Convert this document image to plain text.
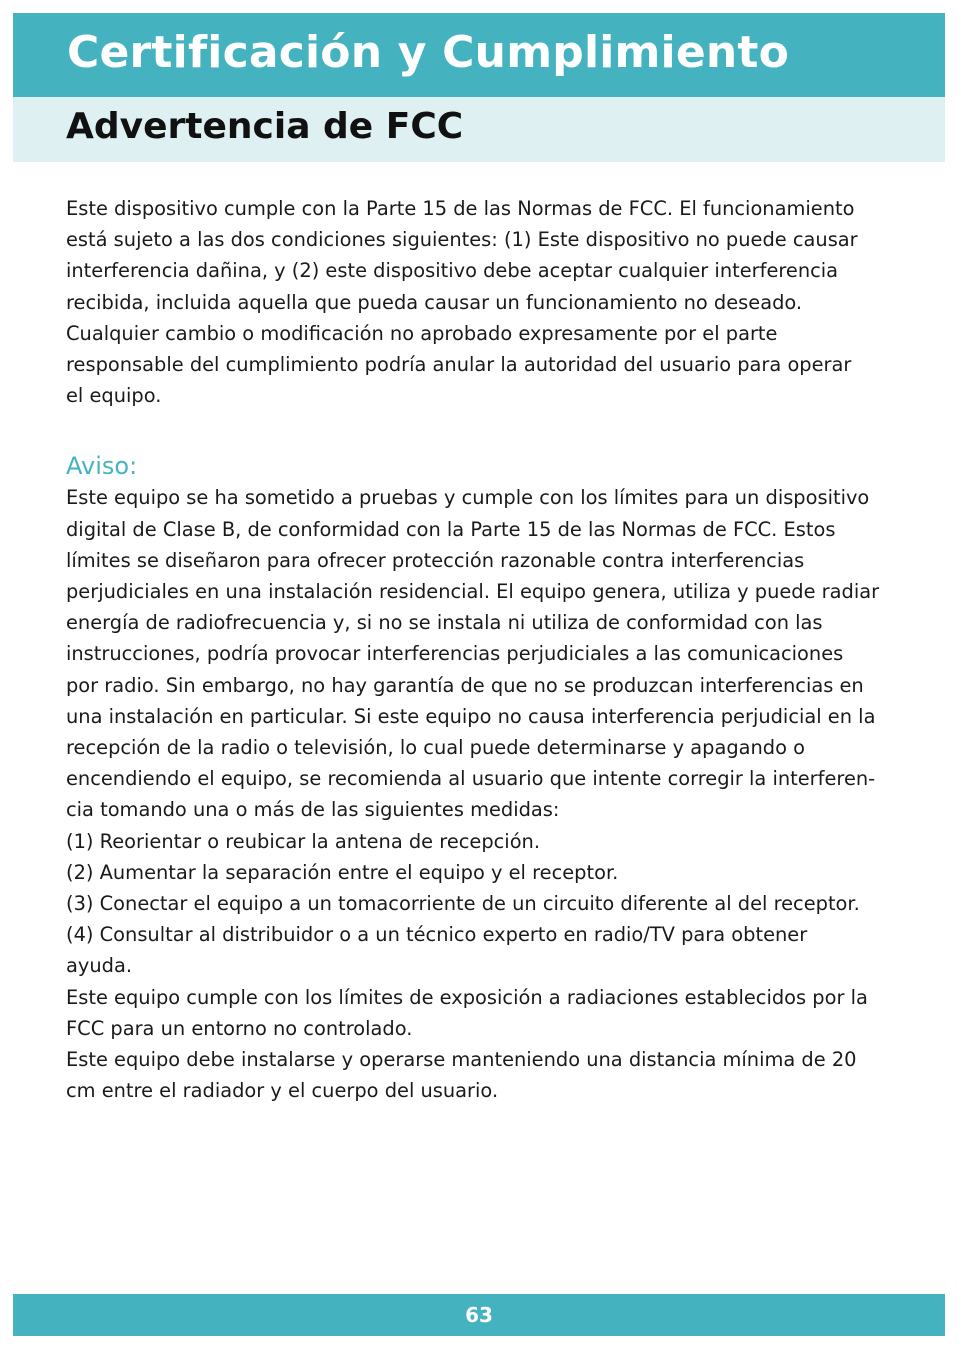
Certificación y Cumplimiento
Advertencia de FCC

Este dispositivo cumple con la Parte 15 de las Normas de FCC. El funcionamiento

está sujeto a las dos condiciones siguientes: (1) Este dispositivo no puede causar

interferencia dañina, y (2) este dispositivo debe aceptar cualquier interferencia

recibida, incluida aquella que pueda causar un funcionamiento no deseado.

Cualquier cambio o modificación no aprobado expresamente por el parte

responsable del cumplimiento podría anular la autoridad del usuario para operar

el equipo.

Aviso:

Este equipo se ha sometido a pruebas y cumple con los límites para un dispositivo

digital de Clase B, de conformidad con la Parte 15 de las Normas de FCC. Estos

límites se diseñaron para ofrecer protección razonable contra interferencias

perjudiciales en una instalación residencial. El equipo genera, utiliza y puede radiar

energía de radiofrecuencia y, si no se instala ni utiliza de conformidad con las

instrucciones, podría provocar interferencias perjudiciales a las comunicaciones

por radio. Sin embargo, no hay garantía de que no se produzcan interferencias en

una instalación en particular. Si este equipo no causa interferencia perjudicial en la

recepción de la radio o televisión, lo cual puede determinarse y apagando o

encendiendo el equipo, se recomienda al usuario que intente corregir la interferen-

cia tomando una o más de las siguientes medidas:

(1) Reorientar o reubicar la antena de recepción.

(2) Aumentar la separación entre el equipo y el receptor.

(3) Conectar el equipo a un tomacorriente de un circuito diferente al del receptor.

(4) Consultar al distribuidor o a un técnico experto en radio/TV para obtener

ayuda.

Este equipo cumple con los límites de exposición a radiaciones establecidos por la

FCC para un entorno no controlado.

Este equipo debe instalarse y operarse manteniendo una distancia mínima de 20

cm entre el radiador y el cuerpo del usuario.

63
